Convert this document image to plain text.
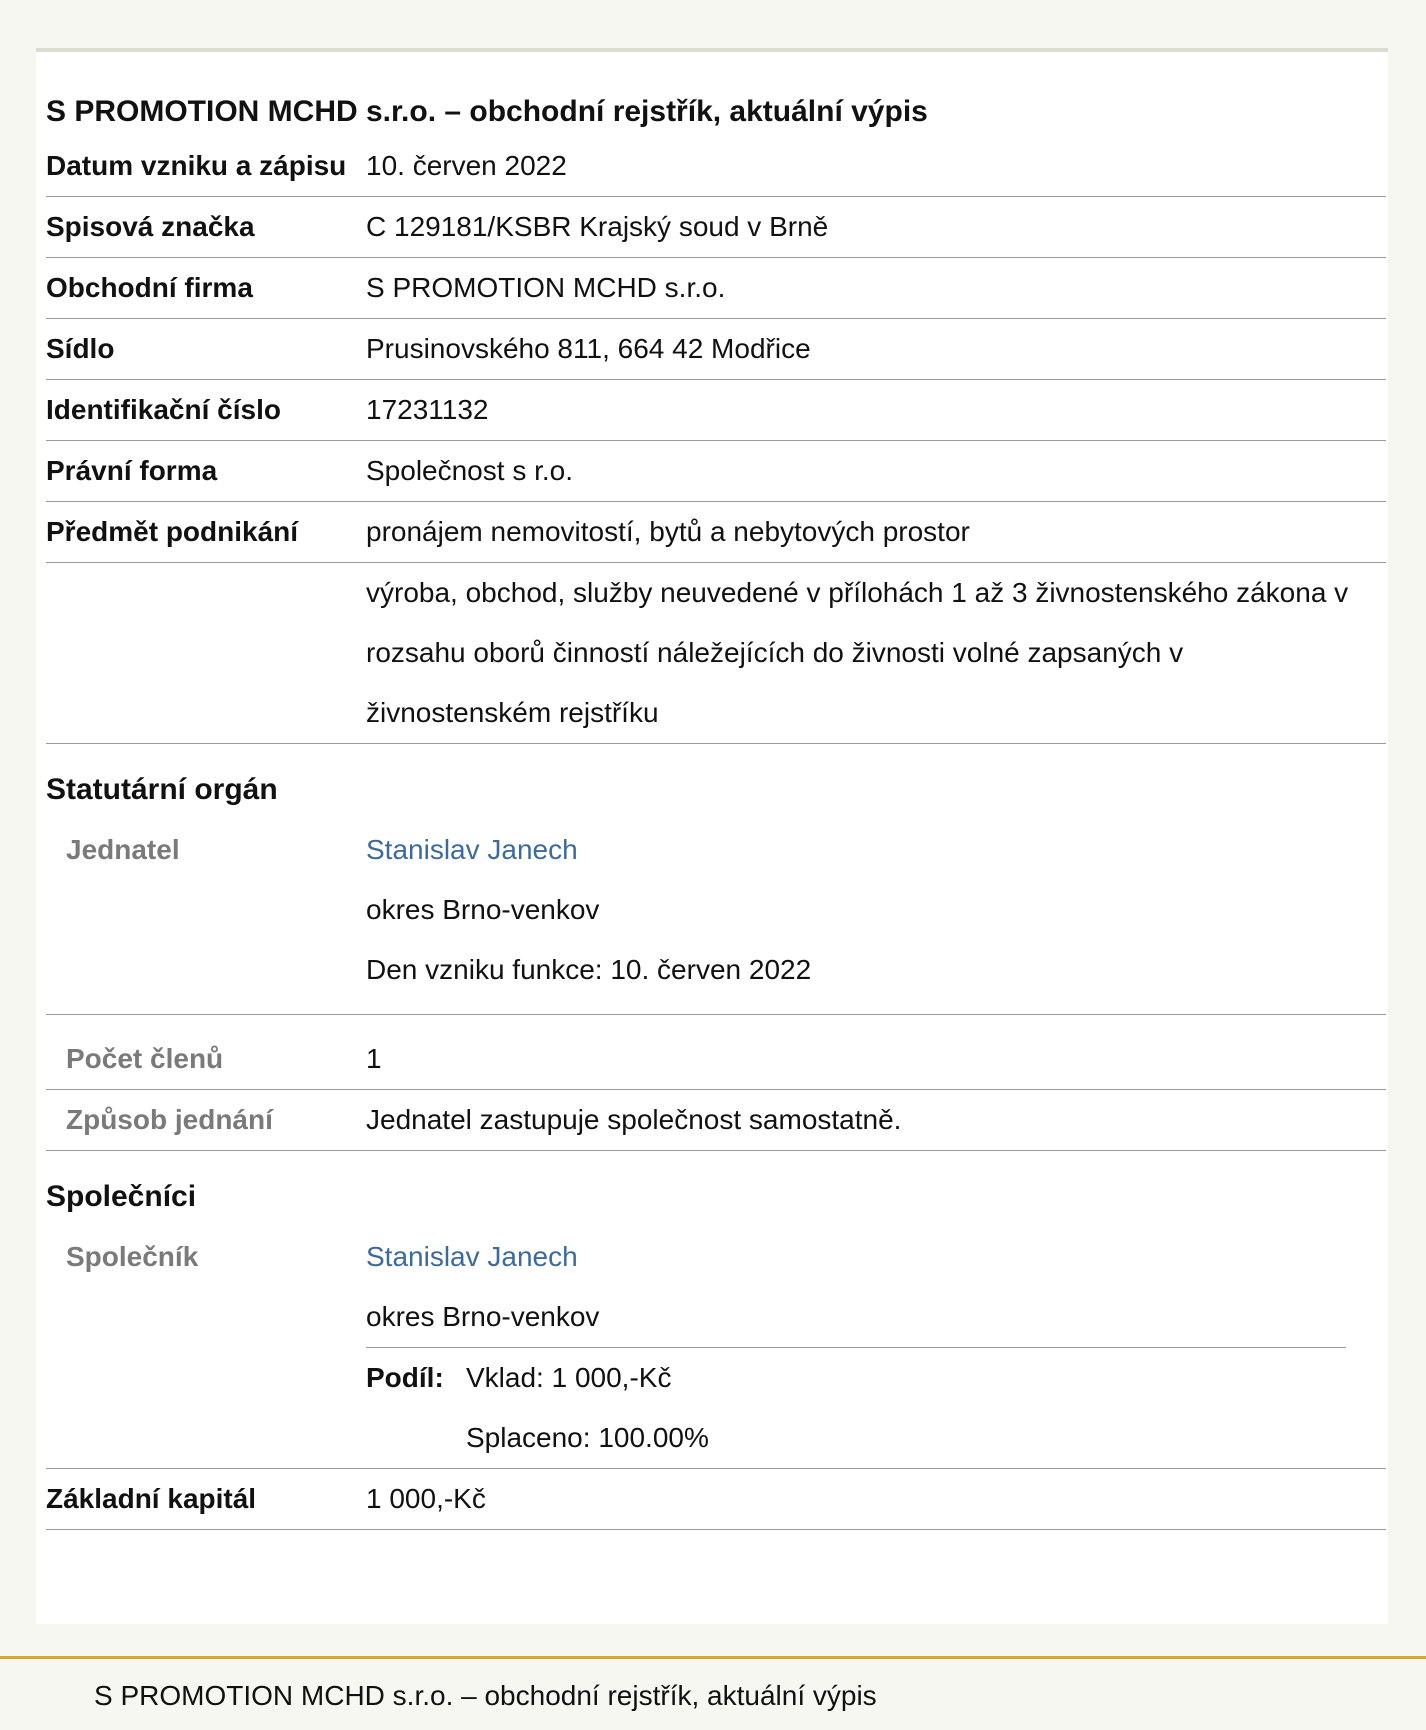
S PROMOTION MCHD s.r.o. – obchodní rejstřík, aktuální výpis
Datum vzniku a zápisu 10. červen 2022
Spisová značka	C 129181/KSBR Krajský soud v Brně
Obchodní firma	S PROMOTION MCHD s.r.o.
Sídlo	Prusinovského 811, 664 42 Modřice
Identifikační číslo	17231132
Právní forma	Společnost s r.o.
Předmět podnikání	pronájem nemovitostí, bytů a nebytových prostor
výroba, obchod, služby neuvedené v přílohách 1 až 3 živnostenského zákona v rozsahu oborů činností náležejících do živnosti volné zapsaných v živnostenském rejstříku
Statutární orgán
Jednatel	Stanislav Janech
okres Brno-venkov
Den vzniku funkce: 10. červen 2022
Počet členů	1
Způsob jednání	Jednatel zastupuje společnost samostatně.
Společníci
Společník	Stanislav Janech
okres Brno-venkov
Podíl: Vklad: 1 000,-Kč
Splaceno: 100.00%
Základní kapitál	1 000,-Kč
S PROMOTION MCHD s.r.o. – obchodní rejstřík, aktuální výpis
